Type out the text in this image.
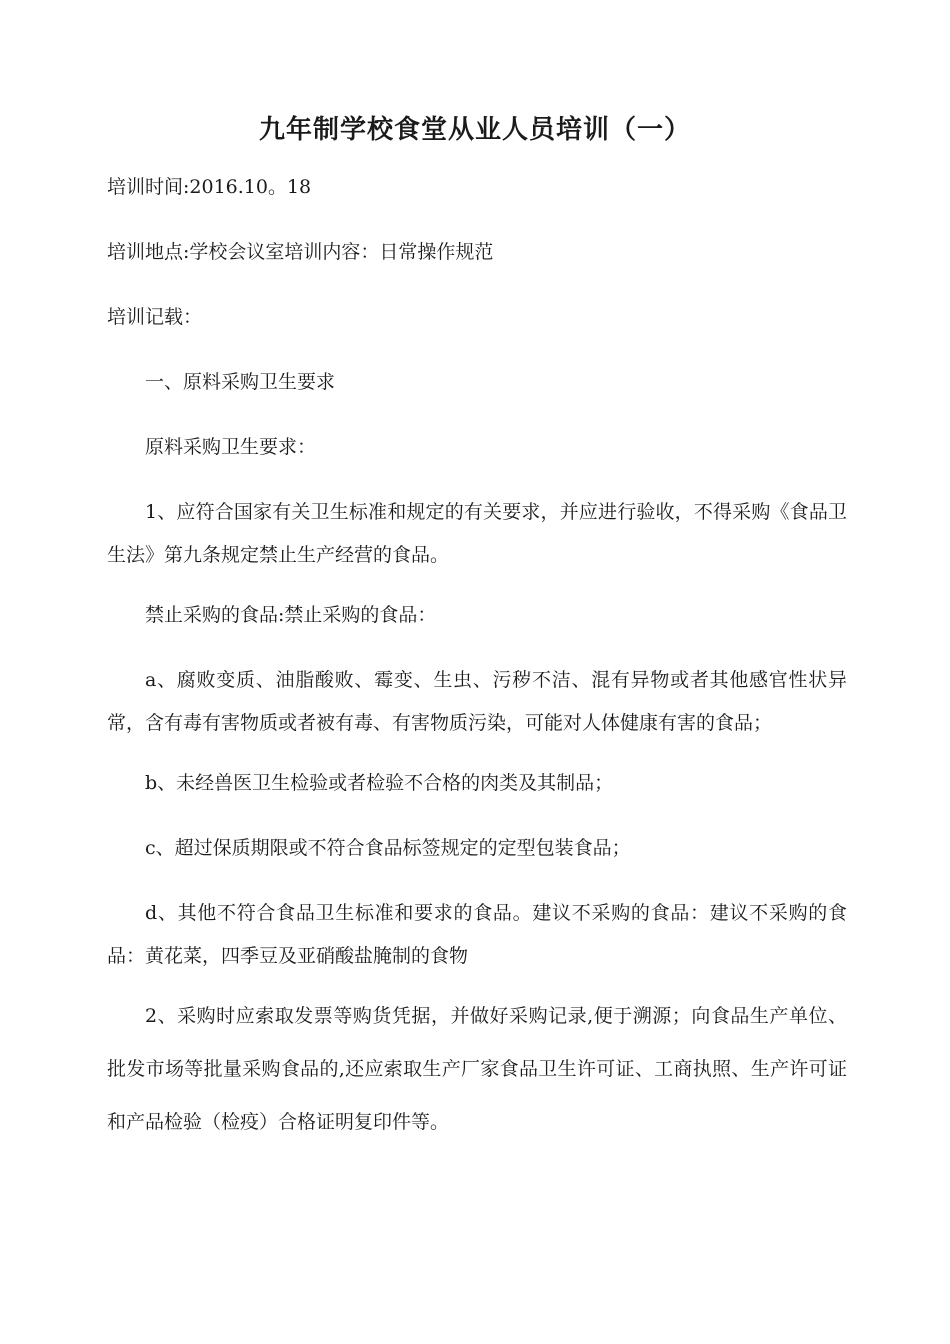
九年制学校食堂从业人员培训（一）

培训时间:2016.10。18

培训地点:学校会议室培训内容：日常操作规范

培训记载：

一、原料采购卫生要求

原料采购卫生要求：

1、应符合国家有关卫生标准和规定的有关要求，并应进行验收，不得采购《食品卫生法》第九条规定禁止生产经营的食品。

禁止采购的食品:禁止采购的食品：

a、腐败变质、油脂酸败、霉变、生虫、污秽不洁、混有异物或者其他感官性状异常，含有毒有害物质或者被有毒、有害物质污染，可能对人体健康有害的食品；

b、未经兽医卫生检验或者检验不合格的肉类及其制品；

c、超过保质期限或不符合食品标签规定的定型包装食品；

d、其他不符合食品卫生标准和要求的食品。建议不采购的食品：建议不采购的食品：黄花菜，四季豆及亚硝酸盐腌制的食物

2、采购时应索取发票等购货凭据，并做好采购记录,便于溯源；向食品生产单位、批发市场等批量采购食品的,还应索取生产厂家食品卫生许可证、工商执照、生产许可证和产品检验（检疫）合格证明复印件等。
